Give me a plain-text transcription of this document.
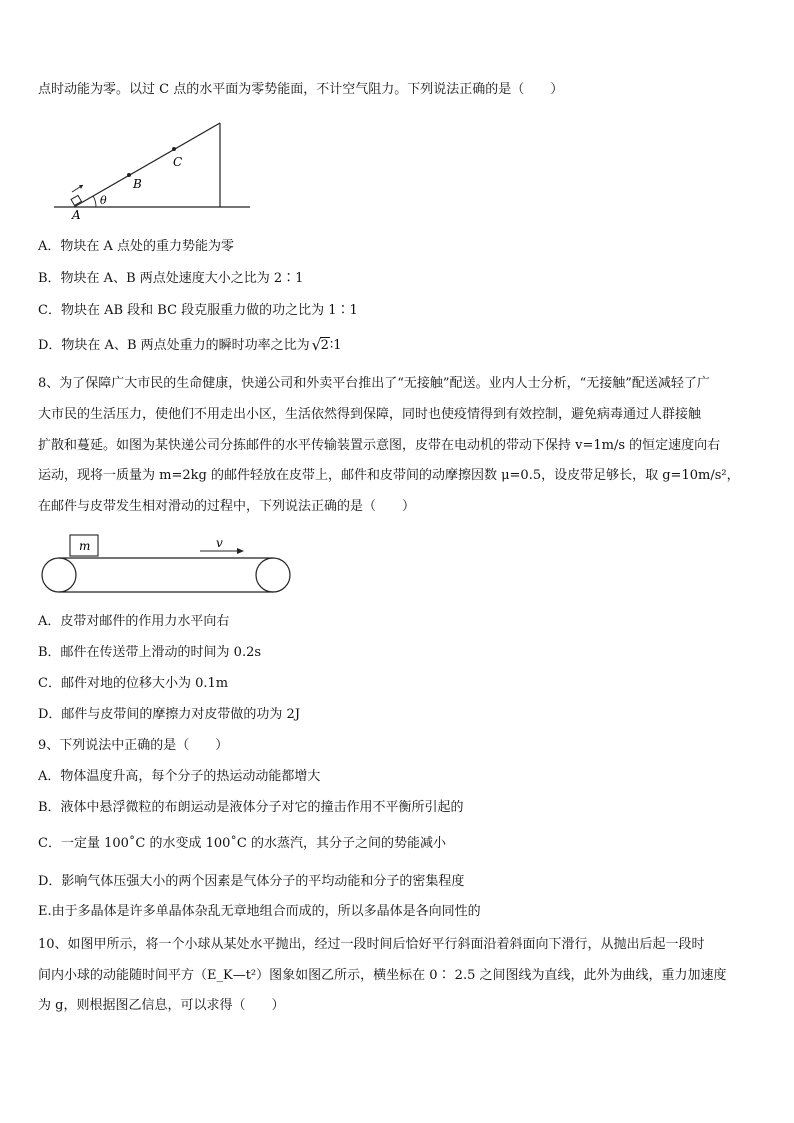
点时动能为零。以过 C 点的水平面为零势能面，不计空气阻力。下列说法正确的是（　　）
A
B
C
θ
A．物块在 A 点处的重力势能为零
B．物块在 A、B 两点处速度大小之比为 2∶1
C．物块在 AB 段和 BC 段克服重力做的功之比为 1∶1
D．物块在 A、B 两点处重力的瞬时功率之比为 √ 2∶1
8、为了保障广大市民的生命健康，快递公司和外卖平台推出了“无接触”配送。业内人士分析，“无接触”配送减轻了广
大市民的生活压力，使他们不用走出小区，生活依然得到保障，同时也使疫情得到有效控制，避免病毒通过人群接触
扩散和蔓延。如图为某快递公司分拣邮件的水平传输装置示意图，皮带在电动机的带动下保持 v=1m/s 的恒定速度向右
运动，现将一质量为 m=2kg 的邮件轻放在皮带上，邮件和皮带间的动摩擦因数 μ=0.5，设皮带足够长，取 g=10m/s²，
在邮件与皮带发生相对滑动的过程中，下列说法正确的是（　　）
m	v
A．皮带对邮件的作用力水平向右
B．邮件在传送带上滑动的时间为 0.2s
C．邮件对地的位移大小为 0.1m
D．邮件与皮带间的摩擦力对皮带做的功为 2J
9、下列说法中正确的是（　　）
A．物体温度升高，每个分子的热运动动能都增大
B．液体中悬浮微粒的布朗运动是液体分子对它的撞击作用不平衡所引起的
C．一定量 100˚C 的水变成 100˚C 的水蒸汽，其分子之间的势能减小
D．影响气体压强大小的两个因素是气体分子的平均动能和分子的密集程度
E.由于多晶体是许多单晶体杂乱无章地组合而成的，所以多晶体是各向同性的
10、如图甲所示，将一个小球从某处水平抛出，经过一段时间后恰好平行斜面沿着斜面向下滑行，从抛出后起一段时
间内小球的动能随时间平方（E_K—t²）图象如图乙所示，横坐标在 0∶ 2.5 之间图线为直线，此外为曲线，重力加速度
为 g，则根据图乙信息，可以求得（　　）
